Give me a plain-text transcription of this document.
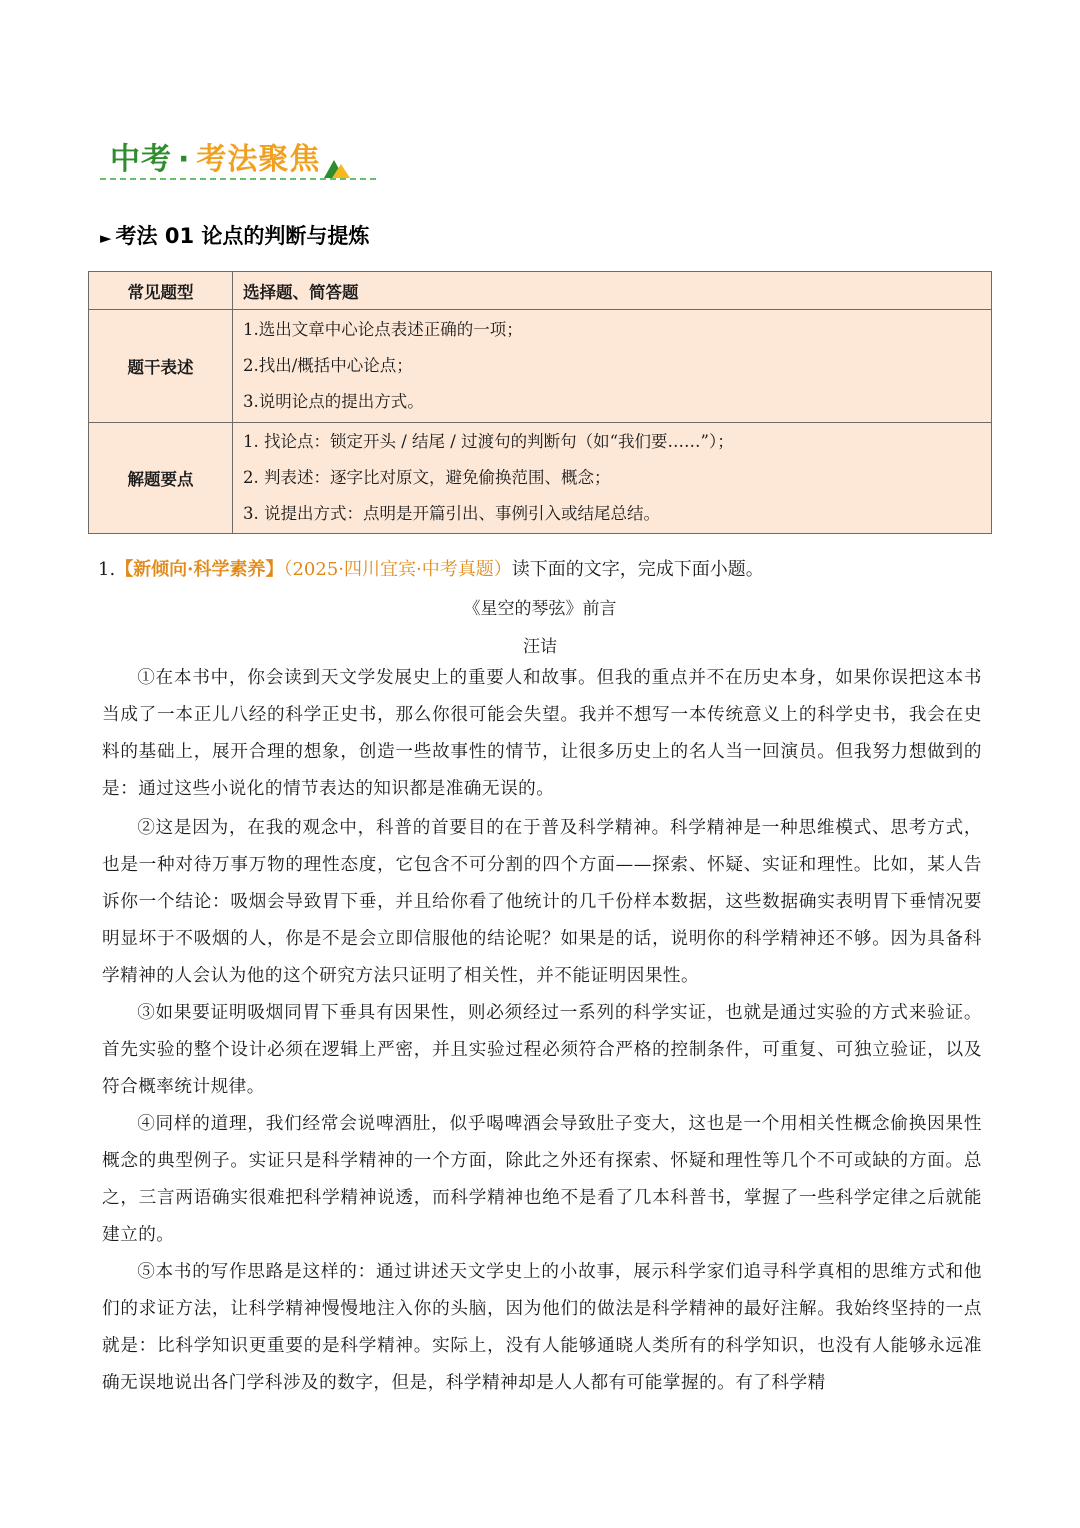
中考 · 考法聚焦
► 考法 01 论点的判断与提炼
常见题型	选择题、简答题
题干表述	1.选出文章中心论点表述正确的一项；
2.找出/概括中心论点；
3.说明论点的提出方式。

解题要点	1. 找论点：锁定开头 / 结尾 / 过渡句的判断句（如“我们要……”）；
2. 判表述：逐字比对原文，避免偷换范围、概念；
3. 说提出方式：点明是开篇引出、事例引入或结尾总结。
1.【新倾向·科学素养】（2025·四川宜宾·中考真题）读下面的文字，完成下面小题。
《星空的琴弦》前言
汪诘
①在本书中，你会读到天文学发展史上的重要人和故事。但我的重点并不在历史本身，如果你误把这本书当成了一本正儿八经的科学正史书，那么你很可能会失望。我并不想写一本传统意义上的科学史书，我会在史料的基础上，展开合理的想象，创造一些故事性的情节，让很多历史上的名人当一回演员。但我努力想做到的是：通过这些小说化的情节表达的知识都是准确无误的。
②这是因为，在我的观念中，科普的首要目的在于普及科学精神。科学精神是一种思维模式、思考方式，也是一种对待万事万物的理性态度，它包含不可分割的四个方面——探索、怀疑、实证和理性。比如，某人告诉你一个结论：吸烟会导致胃下垂，并且给你看了他统计的几千份样本数据，这些数据确实表明胃下垂情况要明显坏于不吸烟的人，你是不是会立即信服他的结论呢？如果是的话，说明你的科学精神还不够。因为具备科学精神的人会认为他的这个研究方法只证明了相关性，并不能证明因果性。
③如果要证明吸烟同胃下垂具有因果性，则必须经过一系列的科学实证，也就是通过实验的方式来验证。首先实验的整个设计必须在逻辑上严密，并且实验过程必须符合严格的控制条件，可重复、可独立验证，以及符合概率统计规律。
④同样的道理，我们经常会说啤酒肚，似乎喝啤酒会导致肚子变大，这也是一个用相关性概念偷换因果性概念的典型例子。实证只是科学精神的一个方面，除此之外还有探索、怀疑和理性等几个不可或缺的方面。总之，三言两语确实很难把科学精神说透，而科学精神也绝不是看了几本科普书，掌握了一些科学定律之后就能建立的。
⑤本书的写作思路是这样的：通过讲述天文学史上的小故事，展示科学家们追寻科学真相的思维方式和他们的求证方法，让科学精神慢慢地注入你的头脑，因为他们的做法是科学精神的最好注解。我始终坚持的一点就是：比科学知识更重要的是科学精神。实际上，没有人能够通晓人类所有的科学知识，也没有人能够永远准确无误地说出各门学科涉及的数字，但是，科学精神却是人人都有可能掌握的。有了科学精
